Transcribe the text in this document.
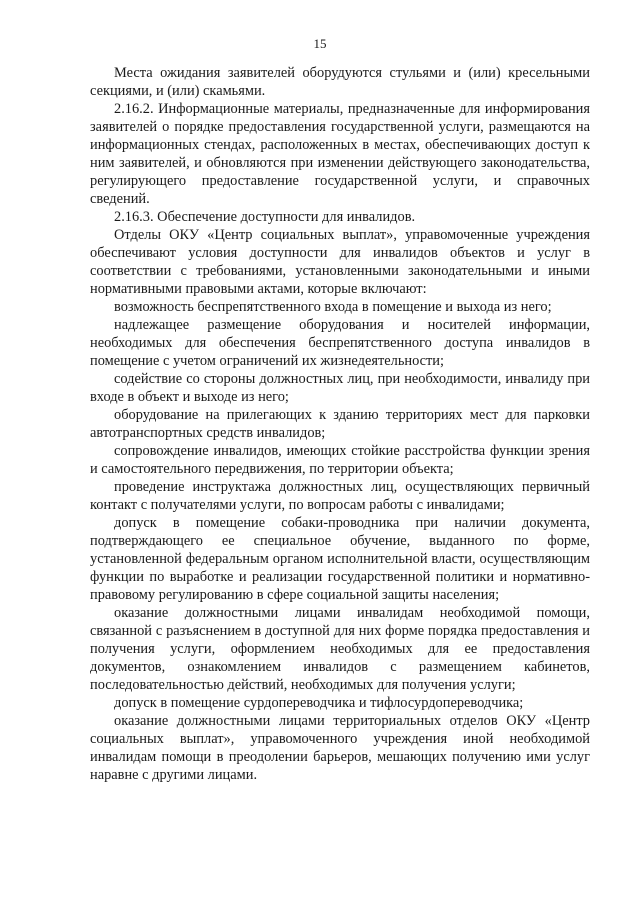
15

Места ожидания заявителей оборудуются стульями и (или) кресельными секциями, и (или) скамьями.

2.16.2. Информационные материалы, предназначенные для информирования заявителей о порядке предоставления государственной услуги, размещаются на информационных стендах, расположенных в местах, обеспечивающих доступ к ним заявителей, и обновляются при изменении действующего законодательства, регулирующего предоставление государственной услуги, и справочных сведений.

2.16.3. Обеспечение доступности для инвалидов.

Отделы ОКУ «Центр социальных выплат», управомоченные учреждения обеспечивают условия доступности для инвалидов объектов и услуг в соответствии с требованиями, установленными законодательными и иными нормативными правовыми актами, которые включают:

возможность беспрепятственного входа в помещение и выхода из него;

надлежащее размещение оборудования и носителей информации, необходимых для обеспечения беспрепятственного доступа инвалидов в помещение с учетом ограничений их жизнедеятельности;

содействие со стороны должностных лиц, при необходимости, инвалиду при входе в объект и выходе из него;

оборудование на прилегающих к зданию территориях мест для парковки автотранспортных средств инвалидов;

сопровождение инвалидов, имеющих стойкие расстройства функции зрения и самостоятельного передвижения, по территории объекта;

проведение инструктажа должностных лиц, осуществляющих первичный контакт с получателями услуги, по вопросам работы с инвалидами;

допуск в помещение собаки-проводника при наличии документа, подтверждающего ее специальное обучение, выданного по форме, установленной федеральным органом исполнительной власти, осуществляющим функции по выработке и реализации государственной политики и нормативно-правовому регулированию в сфере социальной защиты населения;

оказание должностными лицами инвалидам необходимой помощи, связанной с разъяснением в доступной для них форме порядка предоставления и получения услуги, оформлением необходимых для ее предоставления документов, ознакомлением инвалидов с размещением кабинетов, последовательностью действий, необходимых для получения услуги;

допуск в помещение сурдопереводчика и тифлосурдопереводчика;

оказание должностными лицами территориальных отделов ОКУ «Центр социальных выплат», управомоченного учреждения иной необходимой инвалидам помощи в преодолении барьеров, мешающих получению ими услуг наравне с другими лицами.
